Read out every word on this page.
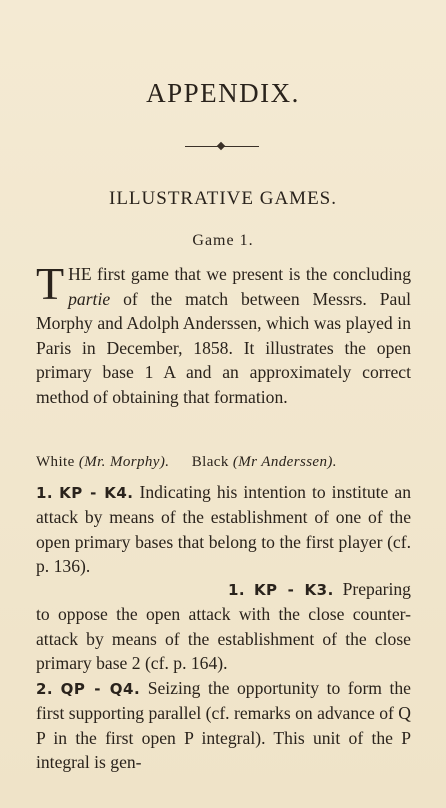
APPENDIX.
ILLUSTRATIVE GAMES.
Game 1.
THE first game that we present is the concluding partie of the match between Messrs. Paul Morphy and Adolph Anderssen, which was played in Paris in December, 1858. It illustrates the open primary base 1 A and an approximately correct method of obtaining that formation.
White (Mr. Morphy). Black (Mr Anderssen).
1. KP - K4. Indicating his intention to institute an attack by means of the establishment of one of the open primary bases that belong to the first player (cf. p. 136).
1. KP - K3. Preparing to oppose the open attack with the close counter-attack by means of the establishment of the close primary base 2 (cf. p. 164).
2. QP - Q4. Seizing the opportunity to form the first supporting parallel (cf. remarks on advance of Q P in the first open P integral). This unit of the P integral is gen-
